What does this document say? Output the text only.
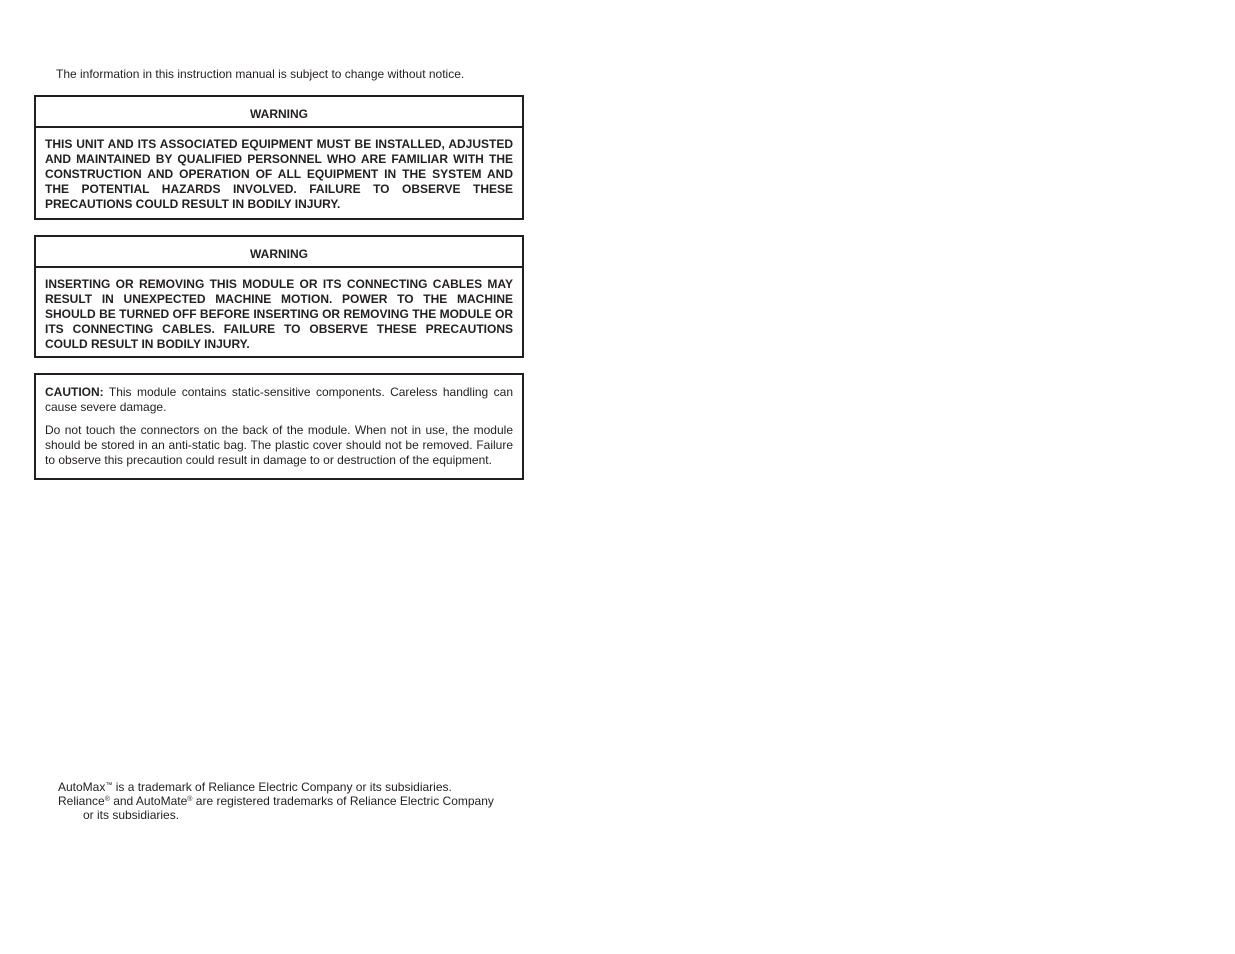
The information in this instruction manual is subject to change without notice.
WARNING
THIS UNIT AND ITS ASSOCIATED EQUIPMENT MUST BE INSTALLED, ADJUSTED AND MAINTAINED BY QUALIFIED PERSONNEL WHO ARE FAMILIAR WITH THE CONSTRUCTION AND OPERATION OF ALL EQUIPMENT IN THE SYSTEM AND THE POTENTIAL HAZARDS INVOLVED. FAILURE TO OBSERVE THESE PRECAUTIONS COULD RESULT IN BODILY INJURY.
WARNING
INSERTING OR REMOVING THIS MODULE OR ITS CONNECTING CABLES MAY RESULT IN UNEXPECTED MACHINE MOTION. POWER TO THE MACHINE SHOULD BE TURNED OFF BEFORE INSERTING OR REMOVING THE MODULE OR ITS CONNECTING CABLES. FAILURE TO OBSERVE THESE PRECAUTIONS COULD RESULT IN BODILY INJURY.

CAUTION: This module contains static-sensitive components. Careless handling can cause severe damage.

Do not touch the connectors on the back of the module. When not in use, the module should be stored in an anti-static bag. The plastic cover should not be removed. Failure to observe this precaution could result in damage to or destruction of the equipment.

AutoMax™ is a trademark of Reliance Electric Company or its subsidiaries.
Reliance® and AutoMate® are registered trademarks of Reliance Electric Company
or its subsidiaries.
